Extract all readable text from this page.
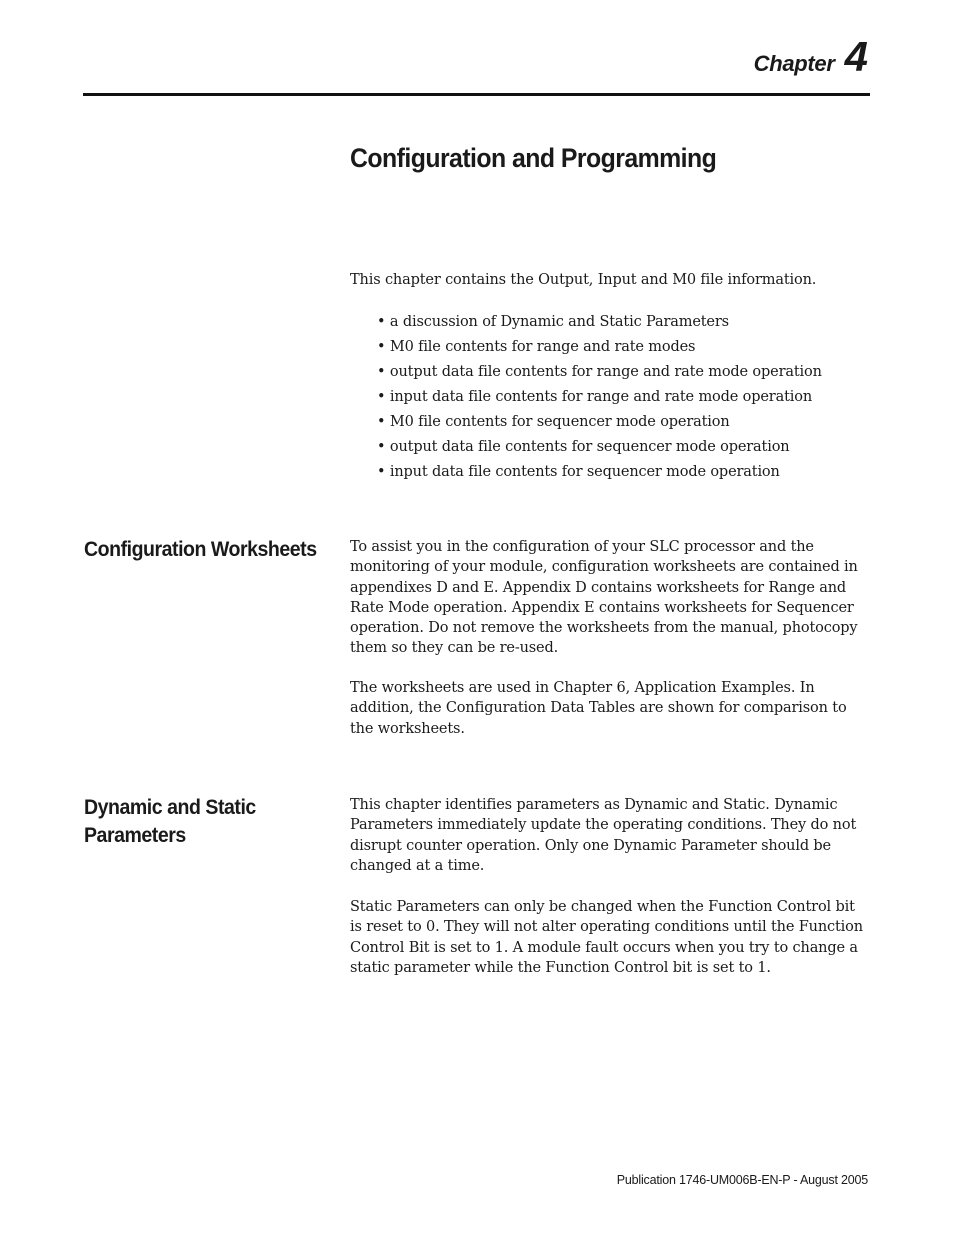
Chapter 4
Configuration and Programming

This chapter contains the Output, Input and M0 file information.

• a discussion of Dynamic and Static Parameters
• M0 file contents for range and rate modes
• output data file contents for range and rate mode operation
• input data file contents for range and rate mode operation
• M0 file contents for sequencer mode operation
• output data file contents for sequencer mode operation
• input data file contents for sequencer mode operation
Configuration Worksheets	To assist you in the configuration of your SLC processor and the monitoring of your module, configuration worksheets are contained in appendixes D and E. Appendix D contains worksheets for Range and Rate Mode operation. Appendix E contains worksheets for Sequencer operation. Do not remove the worksheets from the manual, photocopy them so they can be re-used.

The worksheets are used in Chapter 6, Application Examples. In addition, the Configuration Data Tables are shown for comparison to the worksheets.

Dynamic and Static Parameters

This chapter identifies parameters as Dynamic and Static. Dynamic Parameters immediately update the operating conditions. They do not disrupt counter operation. Only one Dynamic Parameter should be changed at a time.

Static Parameters can only be changed when the Function Control bit is reset to 0. They will not alter operating conditions until the Function Control Bit is set to 1. A module fault occurs when you try to change a static parameter while the Function Control bit is set to 1.

Publication 1746-UM006B-EN-P - August 2005
